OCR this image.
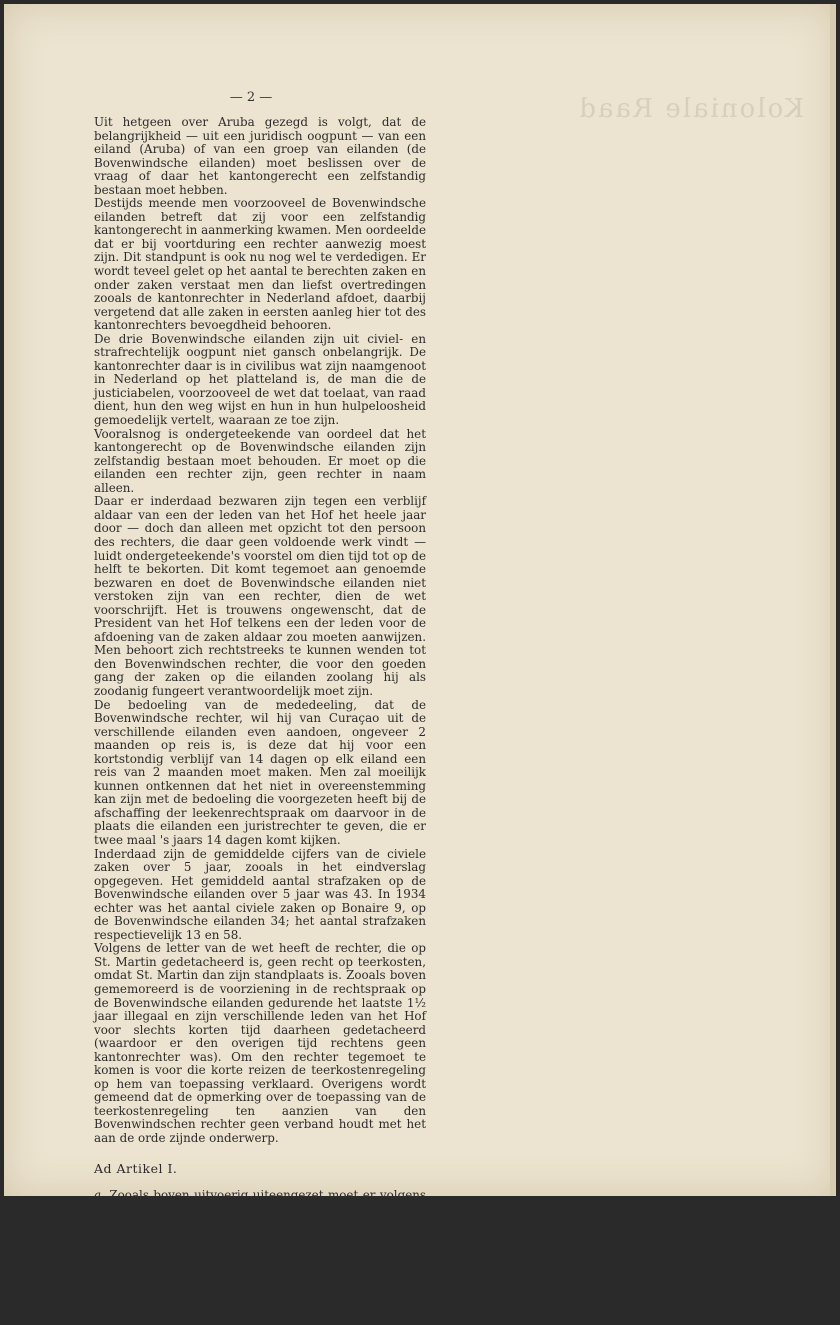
Koloniale Raad
— 2 —

Uit hetgeen over Aruba gezegd is volgt, dat de belangrijkheid — uit een juridisch oogpunt — van een eiland (Aruba) of van een groep van eilanden (de Bovenwindsche eilanden) moet beslissen over de vraag of daar het kantongerecht een zelfstandig bestaan moet hebben.

Destijds meende men voorzooveel de Bovenwindsche eilanden betreft dat zij voor een zelfstandig kantongerecht in aanmerking kwamen. Men oordeelde dat er bij voortduring een rechter aanwezig moest zijn. Dit standpunt is ook nu nog wel te verdedigen. Er wordt teveel gelet op het aantal te berechten zaken en onder zaken verstaat men dan liefst overtredingen zooals de kantonrechter in Nederland afdoet, daarbij vergetend dat alle zaken in eersten aanleg hier tot des kantonrechters bevoegdheid behooren.

De drie Bovenwindsche eilanden zijn uit civiel- en strafrechtelijk oogpunt niet gansch onbelangrijk. De kantonrechter daar is in civilibus wat zijn naamgenoot in Nederland op het platteland is, de man die de justiciabelen, voorzooveel de wet dat toelaat, van raad dient, hun den weg wijst en hun in hun hulpeloosheid gemoedelijk vertelt, waaraan ze toe zijn.

Vooralsnog is ondergeteekende van oordeel dat het kantongerecht op de Bovenwindsche eilanden zijn zelfstandig bestaan moet behouden. Er moet op die eilanden een rechter zijn, geen rechter in naam alleen.

Daar er inderdaad bezwaren zijn tegen een verblijf aldaar van een der leden van het Hof het heele jaar door — doch dan alleen met opzicht tot den persoon des rechters, die daar geen voldoende werk vindt — luidt ondergeteekende's voorstel om dien tijd tot op de helft te bekorten. Dit komt tegemoet aan genoemde bezwaren en doet de Bovenwindsche eilanden niet verstoken zijn van een rechter, dien de wet voorschrijft. Het is trouwens ongewenscht, dat de President van het Hof telkens een der leden voor de afdoening van de zaken aldaar zou moeten aanwijzen. Men behoort zich rechtstreeks te kunnen wenden tot den Bovenwindschen rechter, die voor den goeden gang der zaken op die eilanden zoolang hij als zoodanig fungeert verantwoordelijk moet zijn.

De bedoeling van de mededeeling, dat de Bovenwindsche rechter, wil hij van Curaçao uit de verschillende eilanden even aandoen, ongeveer 2 maanden op reis is, is deze dat hij voor een kortstondig verblijf van 14 dagen op elk eiland een reis van 2 maanden moet maken. Men zal moeilijk kunnen ontkennen dat het niet in overeenstemming kan zijn met de bedoeling die voorgezeten heeft bij de afschaffing der leekenrechtspraak om daarvoor in de plaats die eilanden een juristrechter te geven, die er twee maal 's jaars 14 dagen komt kijken.

Inderdaad zijn de gemiddelde cijfers van de civiele zaken over 5 jaar, zooals in het eindverslag opgegeven. Het gemiddeld aantal strafzaken op de Bovenwindsche eilanden over 5 jaar was 43. In 1934 echter was het aantal civiele zaken op Bonaire 9, op de Bovenwindsche eilanden 34; het aantal strafzaken respectievelijk 13 en 58.

Volgens de letter van de wet heeft de rechter, die op St. Martin gedetacheerd is, geen recht op teerkosten, omdat St. Martin dan zijn standplaats is. Zooals boven gememoreerd is de voorziening in de rechtspraak op de Bovenwindsche eilanden gedurende het laatste 1½ jaar illegaal en zijn verschillende leden van het Hof voor slechts korten tijd daarheen gedetacheerd (waardoor er den overigen tijd rechtens geen kantonrechter was). Om den rechter tegemoet te komen is voor die korte reizen de teerkostenregeling op hem van toepassing verklaard. Overigens wordt gemeend dat de opmerking over de toepassing van de teerkostenregeling ten aanzien van den Bovenwindschen rechter geen verband houdt met het aan de orde zijnde onderwerp.

Ad Artikel I.

a. Zooals boven uitvoerig uiteengezet moet er volgens de Rechterlijke Inrichting zooals die thans luidt op de Bovenwindsche eilanden bij voortduring een rechter aanwezig zijn. Voorgesteld is dien tijd terug te brengen tot 2 maal 3 maanden 's jaars. Daartegen wordt aangevoerd dat de rechter dan nog „leeg moet zitten". Maar dat is een bewering blijkbaar berustend op nietszeggende cijfers, niet gegrond op de belangrijkheid der zaken noch op het belang der justiciabelen.
